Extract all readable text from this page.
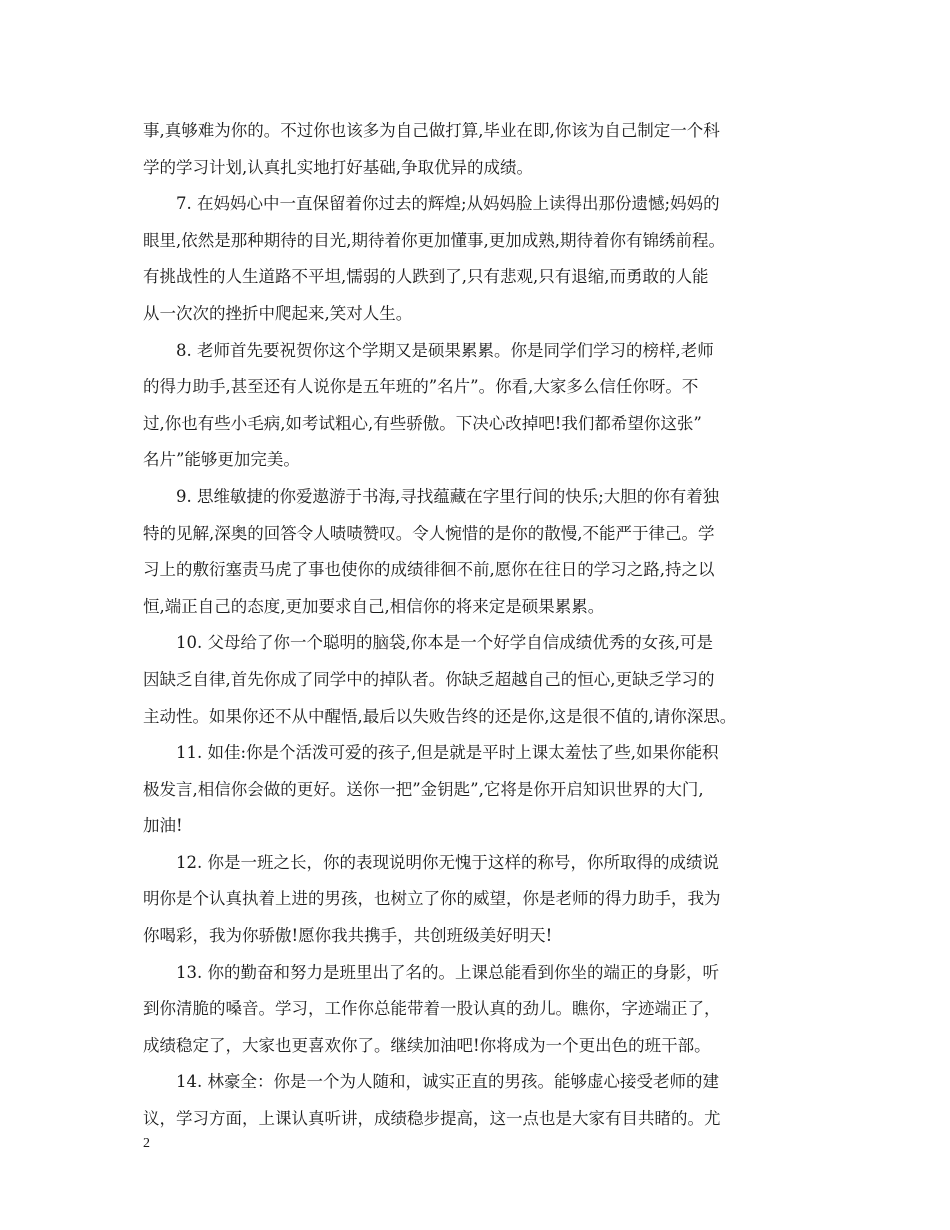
事,真够难为你的。不过你也该多为自己做打算,毕业在即,你该为自己制定一个科
学的学习计划,认真扎实地打好基础,争取优异的成绩。
7. 在妈妈心中一直保留着你过去的辉煌;从妈妈脸上读得出那份遗憾;妈妈的
眼里,依然是那种期待的目光,期待着你更加懂事,更加成熟,期待着你有锦绣前程。
有挑战性的人生道路不平坦,懦弱的人跌到了,只有悲观,只有退缩,而勇敢的人能
从一次次的挫折中爬起来,笑对人生。
8. 老师首先要祝贺你这个学期又是硕果累累。你是同学们学习的榜样,老师
的得力助手,甚至还有人说你是五年班的”名片”。你看,大家多么信任你呀。不
过,你也有些小毛病,如考试粗心,有些骄傲。下决心改掉吧!我们都希望你这张”
名片”能够更加完美。
9. 思维敏捷的你爱遨游于书海,寻找蕴藏在字里行间的快乐;大胆的你有着独
特的见解,深奥的回答令人啧啧赞叹。令人惋惜的是你的散慢,不能严于律己。学
习上的敷衍塞责马虎了事也使你的成绩徘徊不前,愿你在往日的学习之路,持之以
恒,端正自己的态度,更加要求自己,相信你的将来定是硕果累累。
10. 父母给了你一个聪明的脑袋,你本是一个好学自信成绩优秀的女孩,可是
因缺乏自律,首先你成了同学中的掉队者。你缺乏超越自己的恒心,更缺乏学习的
主动性。如果你还不从中醒悟,最后以失败告终的还是你,这是很不值的,请你深思。
11. 如佳:你是个活泼可爱的孩子,但是就是平时上课太羞怯了些,如果你能积
极发言,相信你会做的更好。送你一把”金钥匙”,它将是你开启知识世界的大门,
加油!
12. 你是一班之长，你的表现说明你无愧于这样的称号，你所取得的成绩说
明你是个认真执着上进的男孩，也树立了你的威望，你是老师的得力助手，我为
你喝彩，我为你骄傲!愿你我共携手，共创班级美好明天!
13. 你的勤奋和努力是班里出了名的。上课总能看到你坐的端正的身影，听
到你清脆的嗓音。学习，工作你总能带着一股认真的劲儿。瞧你，字迹端正了，
成绩稳定了，大家也更喜欢你了。继续加油吧!你将成为一个更出色的班干部。
14. 林豪全：你是一个为人随和，诚实正直的男孩。能够虚心接受老师的建
议，学习方面，上课认真听讲，成绩稳步提高，这一点也是大家有目共睹的。尤
2
